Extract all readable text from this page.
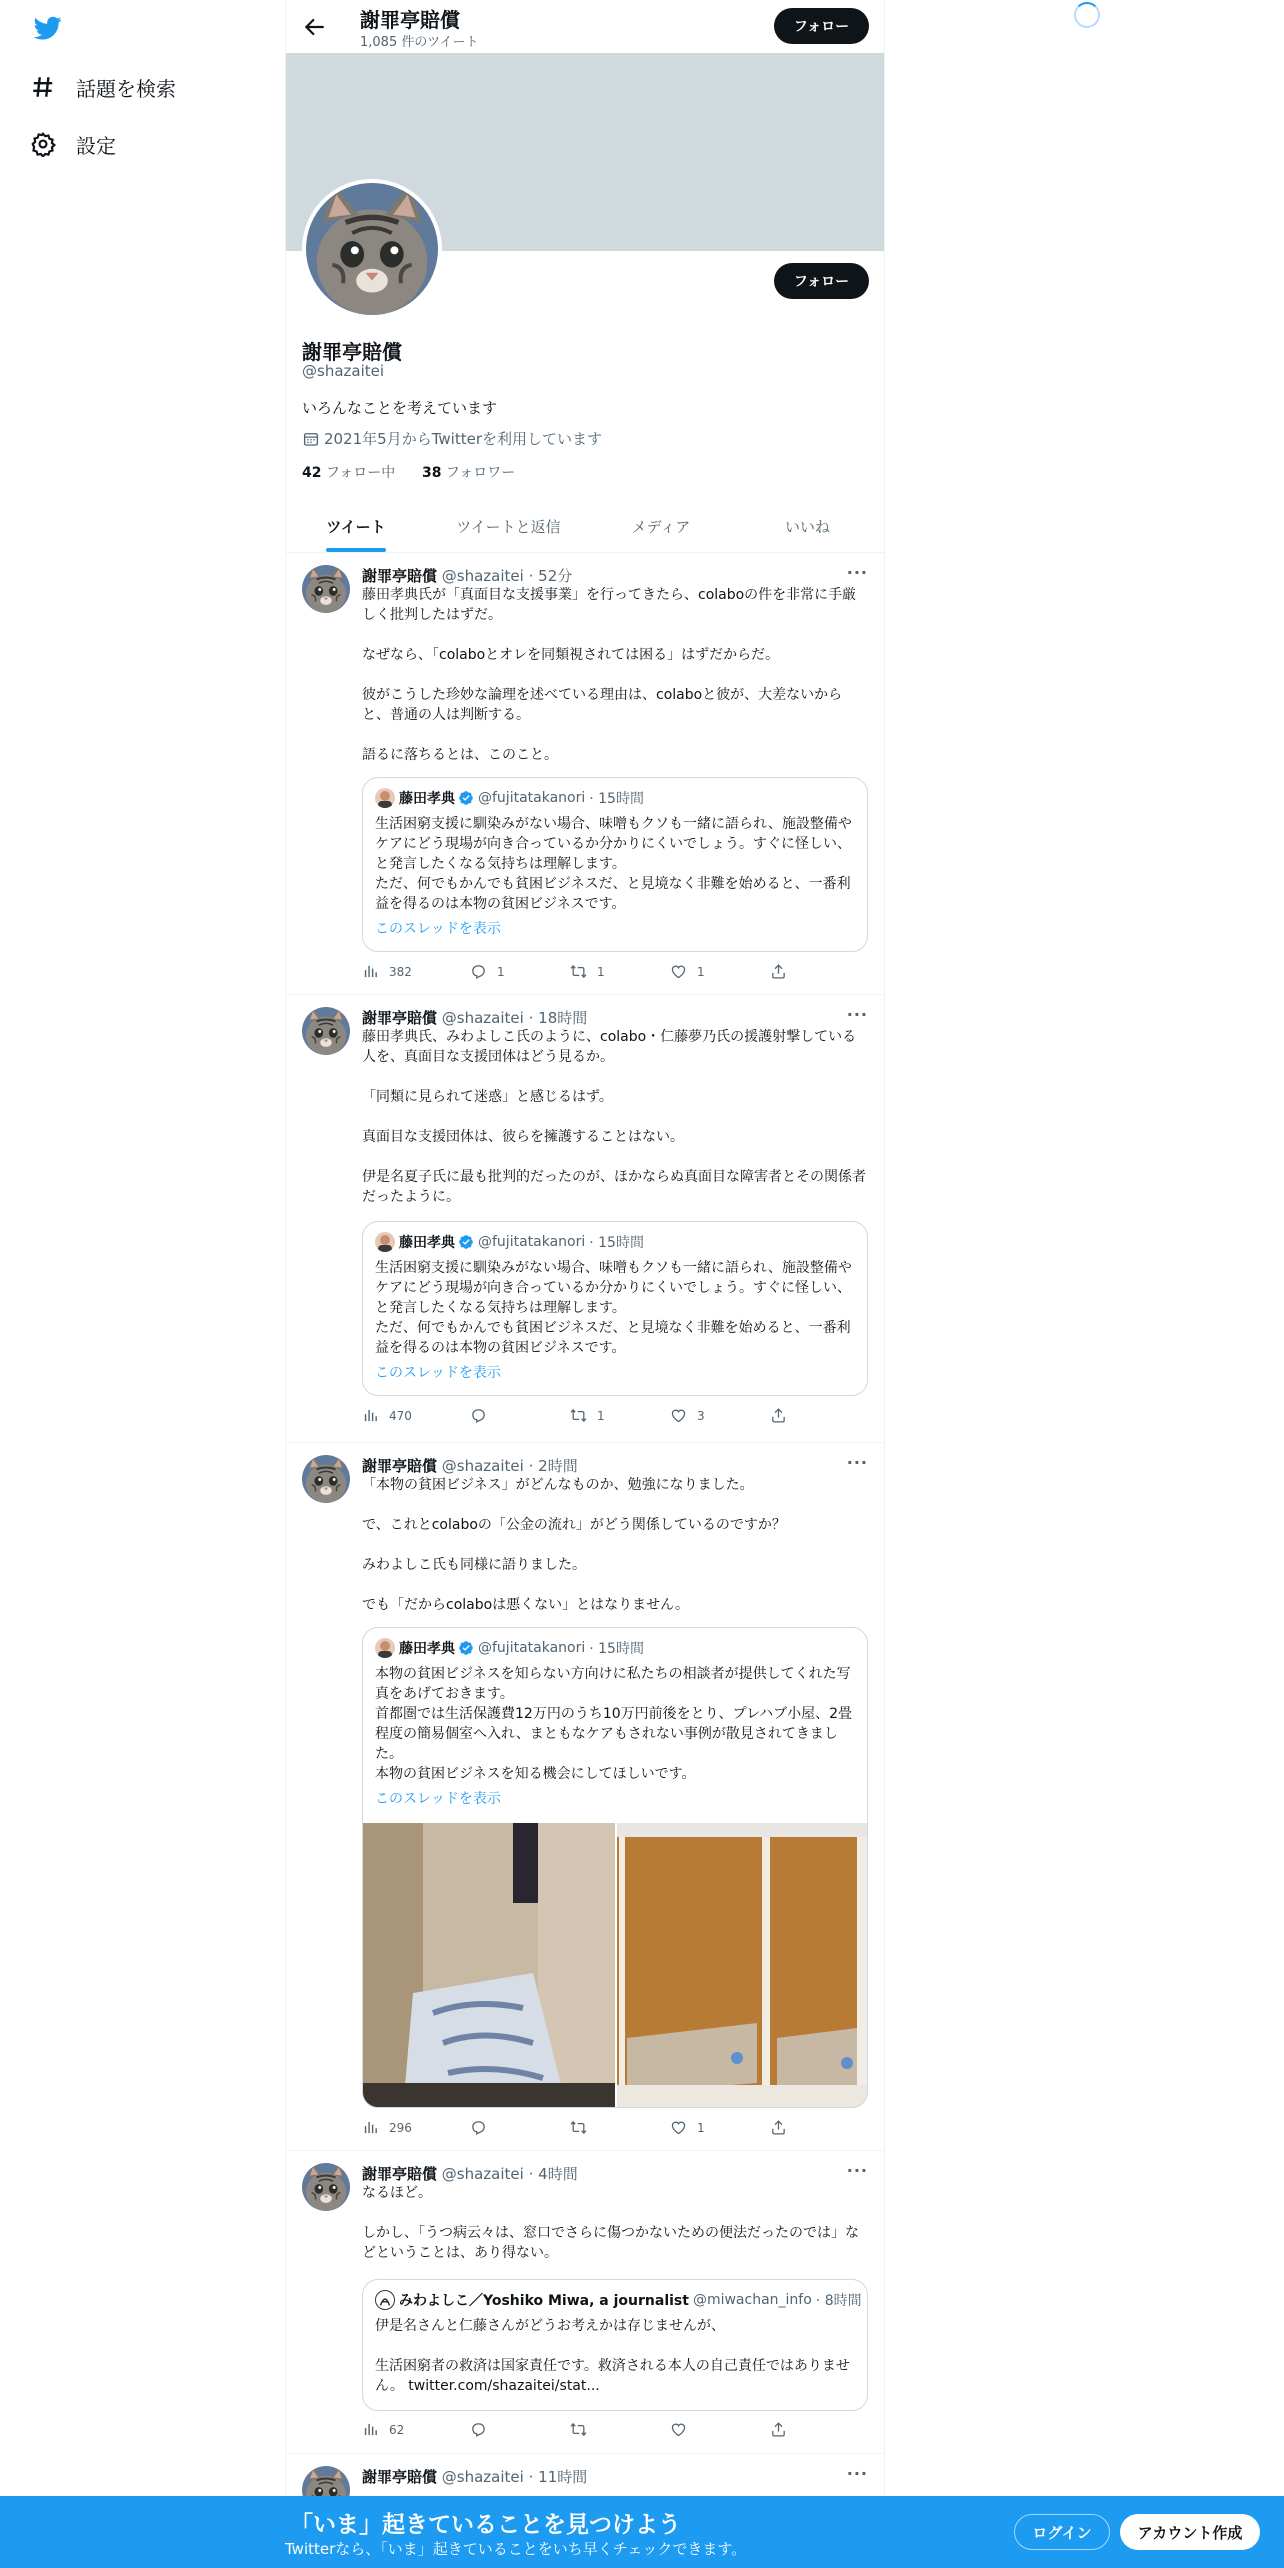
話題を検索
設定
謝罪亭賠償
1,085 件のツイート
フォロー
フォロー
謝罪亭賠償
@shazaitei
いろんなことを考えています
2021年5月からTwitterを利用しています
42 フォロー中 38 フォロワー
ツイート	ツイートと返信	メディア	いいね
謝罪亭賠償 @shazaitei · 52分	···
藤田孝典氏が「真面目な支援事業」を行ってきたら、colaboの件を非常に手厳しく批判したはずだ。

なぜなら、「colaboとオレを同類視されては困る」はずだからだ。

彼がこうした珍妙な論理を述べている理由は、colaboと彼が、大差ないからと、普通の人は判断する。

語るに落ちるとは、このこと。
藤田孝典 @fujitatakanori · 15時間
生活困窮支援に馴染みがない場合、味噌もクソも一緒に語られ、施設整備やケアにどう現場が向き合っているか分かりにくいでしょう。すぐに怪しい、と発言したくなる気持ちは理解します。
ただ、何でもかんでも貧困ビジネスだ、と見境なく非難を始めると、一番利益を得るのは本物の貧困ビジネスです。
このスレッドを表示
382	1	1	1
謝罪亭賠償 @shazaitei · 18時間	···
藤田孝典氏、みわよしこ氏のように、colabo・仁藤夢乃氏の援護射撃している人を、真面目な支援団体はどう見るか。

「同類に見られて迷惑」と感じるはず。

真面目な支援団体は、彼らを擁護することはない。

伊是名夏子氏に最も批判的だったのが、ほかならぬ真面目な障害者とその関係者だったように。
藤田孝典 @fujitatakanori · 15時間
生活困窮支援に馴染みがない場合、味噌もクソも一緒に語られ、施設整備やケアにどう現場が向き合っているか分かりにくいでしょう。すぐに怪しい、と発言したくなる気持ちは理解します。
ただ、何でもかんでも貧困ビジネスだ、と見境なく非難を始めると、一番利益を得るのは本物の貧困ビジネスです。
このスレッドを表示
470	1	3
謝罪亭賠償 @shazaitei · 2時間	···
「本物の貧困ビジネス」がどんなものか、勉強になりました。

で、これとcolaboの「公金の流れ」がどう関係しているのですか？

みわよしこ氏も同様に語りました。

でも「だからcolaboは悪くない」とはなりません。
藤田孝典 @fujitatakanori · 15時間
本物の貧困ビジネスを知らない方向けに私たちの相談者が提供してくれた写真をあげておきます。
首都圏では生活保護費12万円のうち10万円前後をとり、プレハブ小屋、2畳程度の簡易個室へ入れ、まともなケアもされない事例が散見されてきました。
本物の貧困ビジネスを知る機会にしてほしいです。
このスレッドを表示
296	1
謝罪亭賠償 @shazaitei · 4時間	···
なるほど。

しかし、「うつ病云々は、窓口でさらに傷つかないための便法だったのでは」などということは、あり得ない。
みわよしこ／Yoshiko Miwa, a journalist @miwachan_info · 8時間
伊是名さんと仁藤さんがどうお考えかは存じませんが、

生活困窮者の救済は国家責任です。救済される本人の自己責任ではありません。 twitter.com/shazaitei/stat...
62
謝罪亭賠償 @shazaitei · 11時間	···
「いま」起きていることを見つけよう
Twitterなら、「いま」起きていることをいち早くチェックできます。
ログイン	アカウント作成
